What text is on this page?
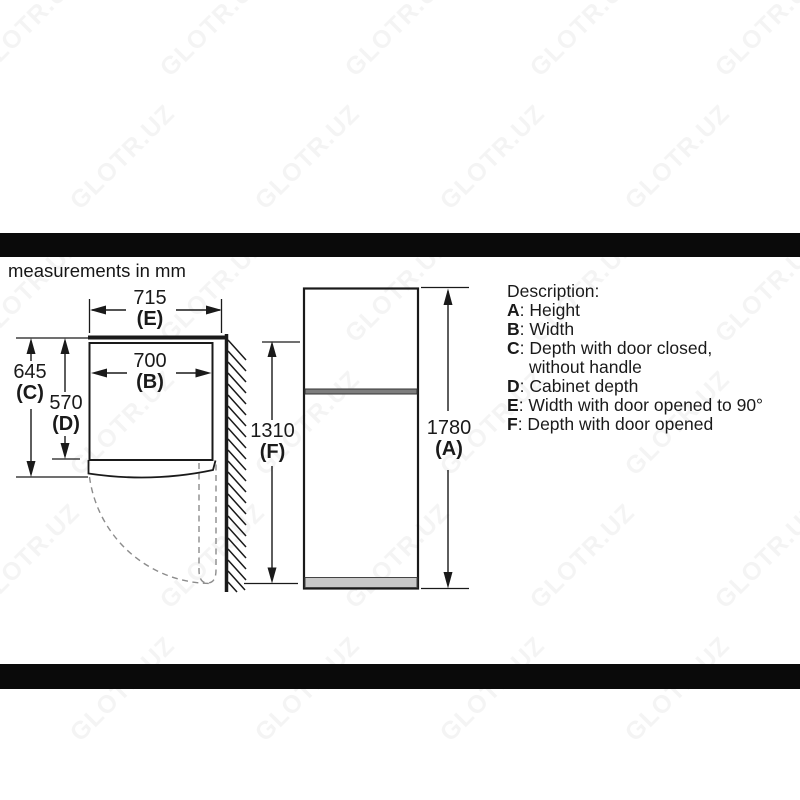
measurements in mm
715
(E)
700
(B)
645
(C) 570
(D)	1310
(F)
1780
(A)
Description:
A: Height
B: Width
C: Depth with door closed,
without handle
D: Cabinet depth
E: Width with door opened to 90°
F: Depth with door opened
